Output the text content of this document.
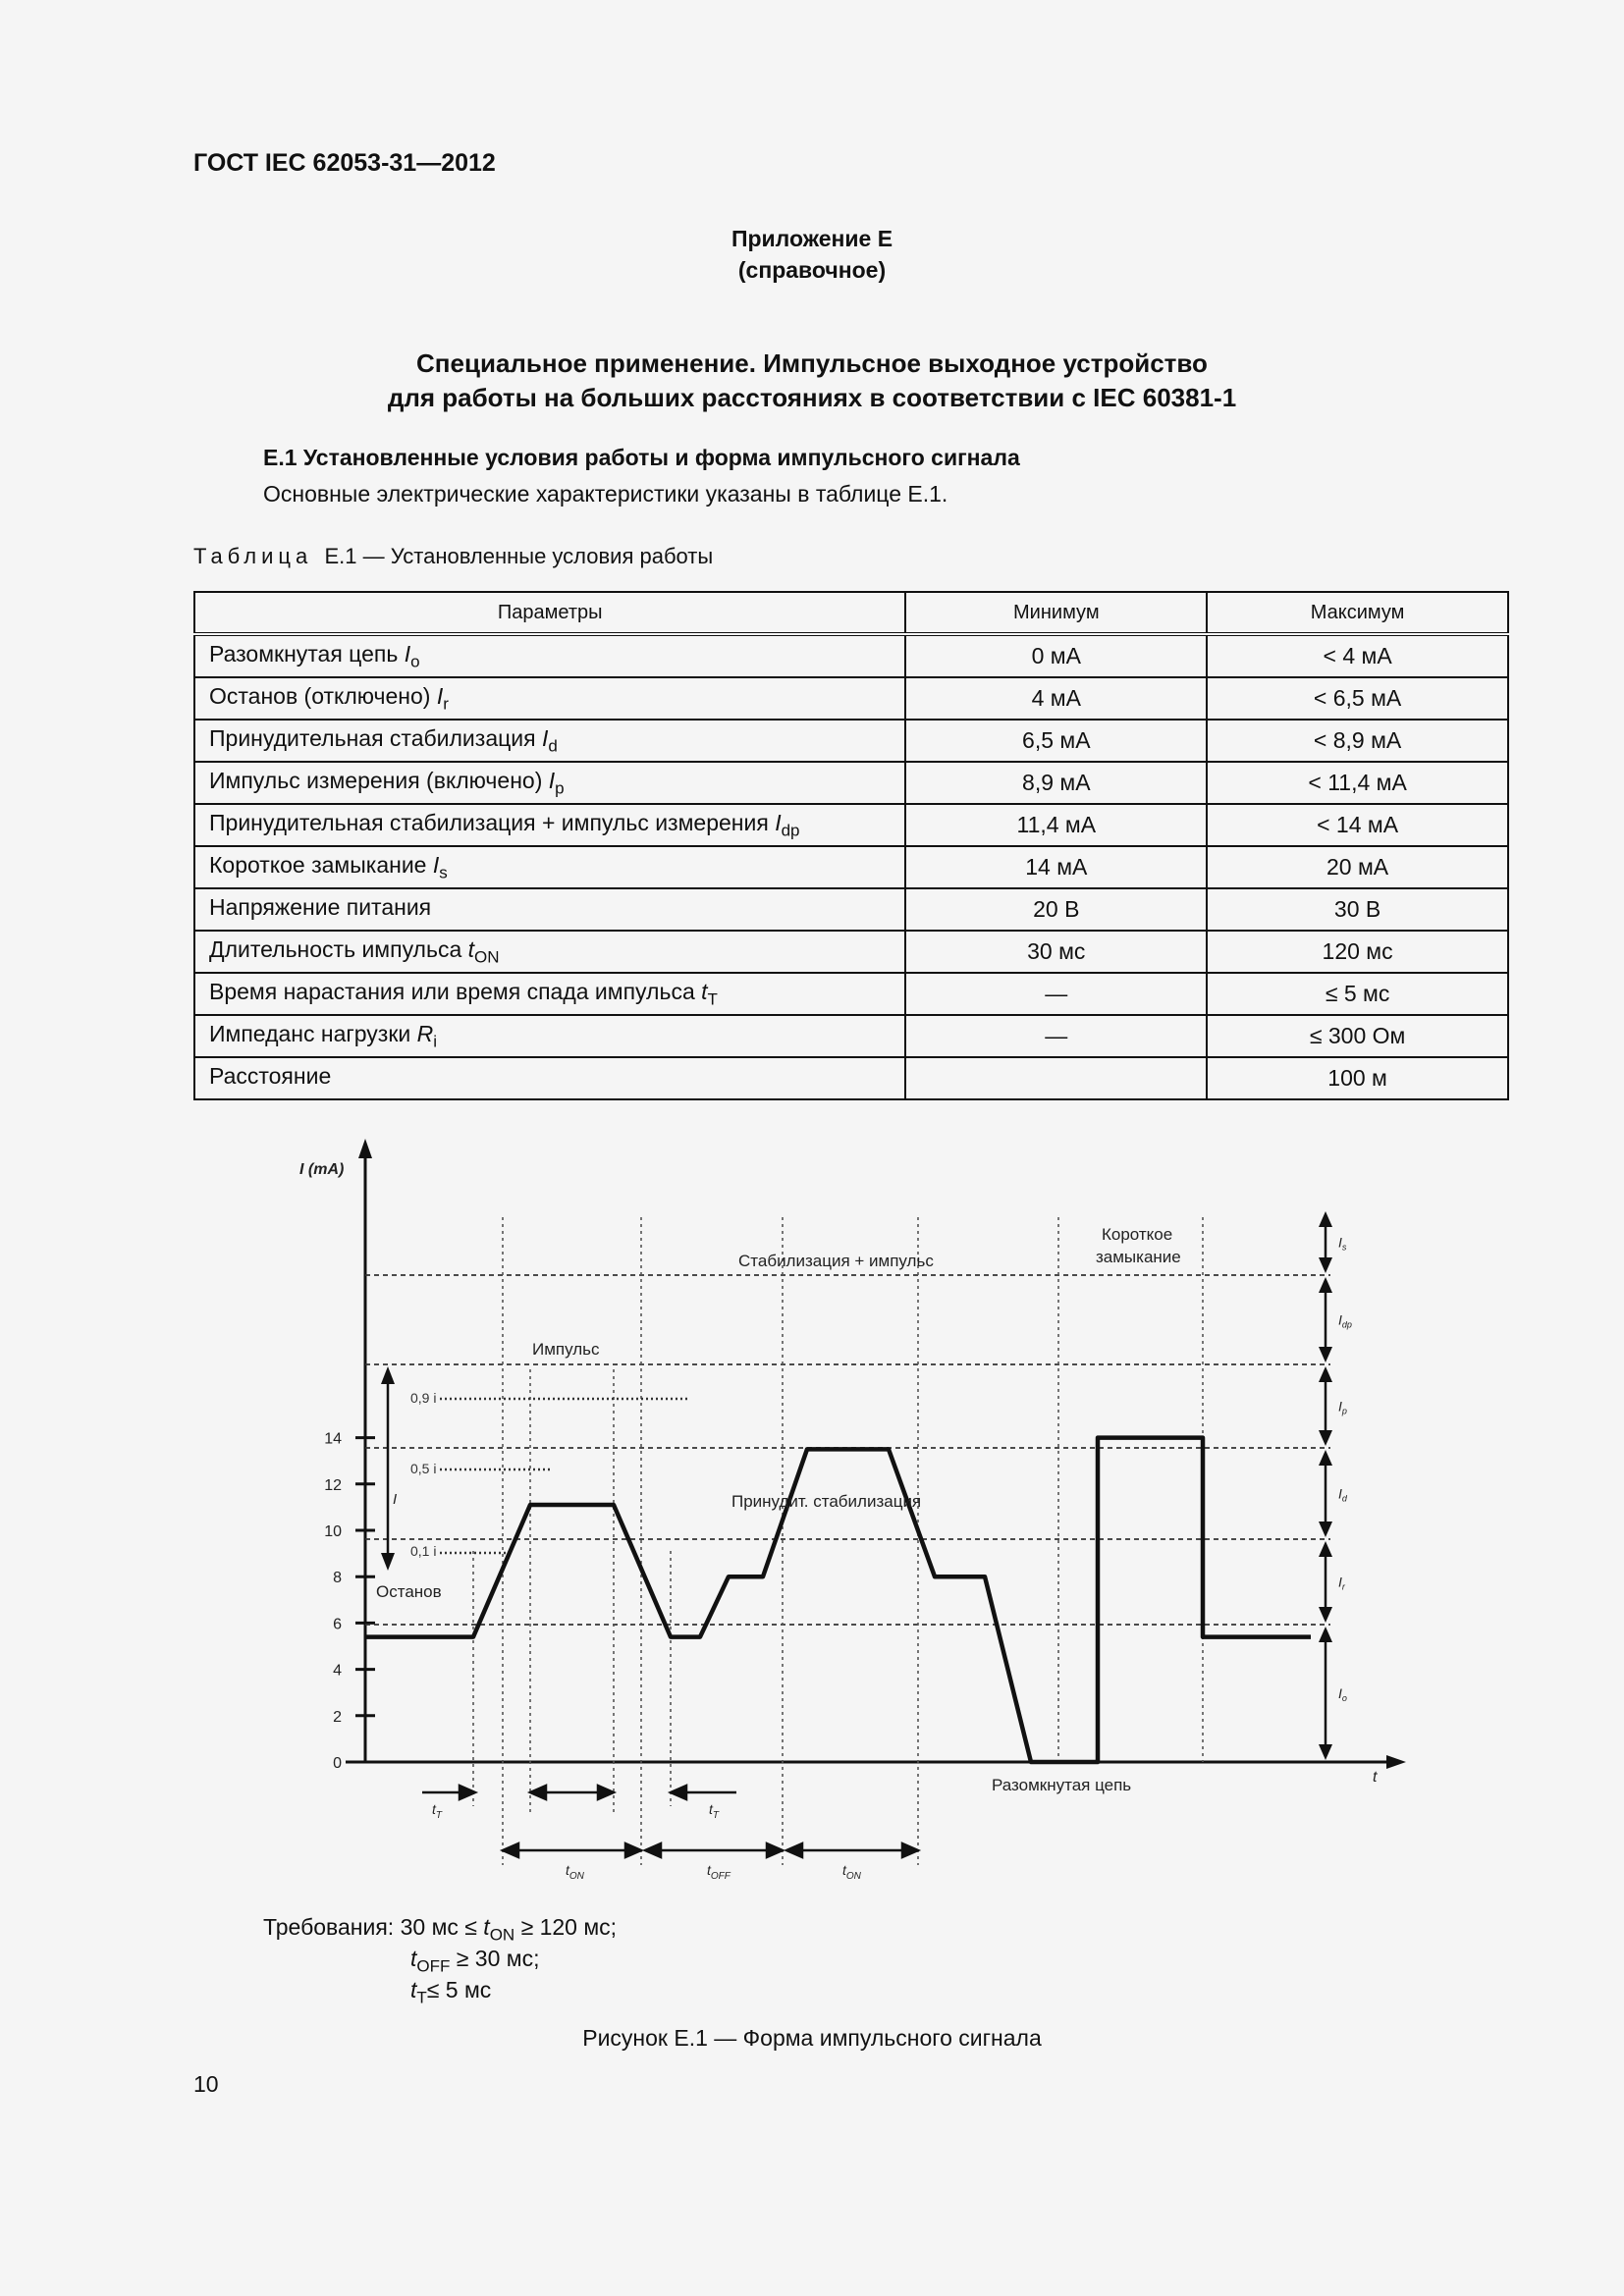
ГОСТ IEC 62053-31—2012
Приложение Е
(справочное)
Специальное применение. Импульсное выходное устройство
для работы на больших расстояниях в соответствии с IEC 60381-1
Е.1 Установленные условия работы и форма импульсного сигнала
Основные электрические характеристики указаны в таблице Е.1.
Таблица Е.1 — Установленные условия работы
Параметры	Минимум	Максимум
Разомкнутая цепь $I_o$	0 мА	< 4 мА
Останов (отключено) $I_r$	4 мА	< 6,5 мА
Принудительная стабилизация $I_d$	6,5 мА	< 8,9 мА
Импульс измерения (включено) $I_p$	8,9 мА	< 11,4 мА
Принудительная стабилизация + импульс измерения $I_{dp}$	11,4 мА	< 14 мА
Короткое замыкание $I_s$	14 мА	20 мА
Напряжение питания	20 В	30 В
Длительность импульса $t_{ON}$	30 мс	120 мс
Время нарастания или время спада импульса $t_T$	—	≤ 5 мс
Импеданс нагрузки $R_i$	—	≤ 300 Ом
Расстояние		100 м
I (mA)
t
0
2
4
6
8
10
12
14
I
0,9 i
0,5 i
0,1 i
Стабилизация + импульс
Импульс
Короткое
замыкание
Принудит. стабилизация
Останов
Разомкнутая цепь
$t_T$	$t_T$
$t_{ON}$	$t_{OFF}$	$t_{ON}$
$I_s$
$I_{dp}$
$I_p$
$I_d$
$I_r$
$I_o$
Требования: 30 мс ≤ $t_{ON} \ge 120$ мс;
$t_{OFF} \ge 30$ мс;
$t_T\le 5$ мс
Рисунок Е.1 — Форма импульсного сигнала
10
